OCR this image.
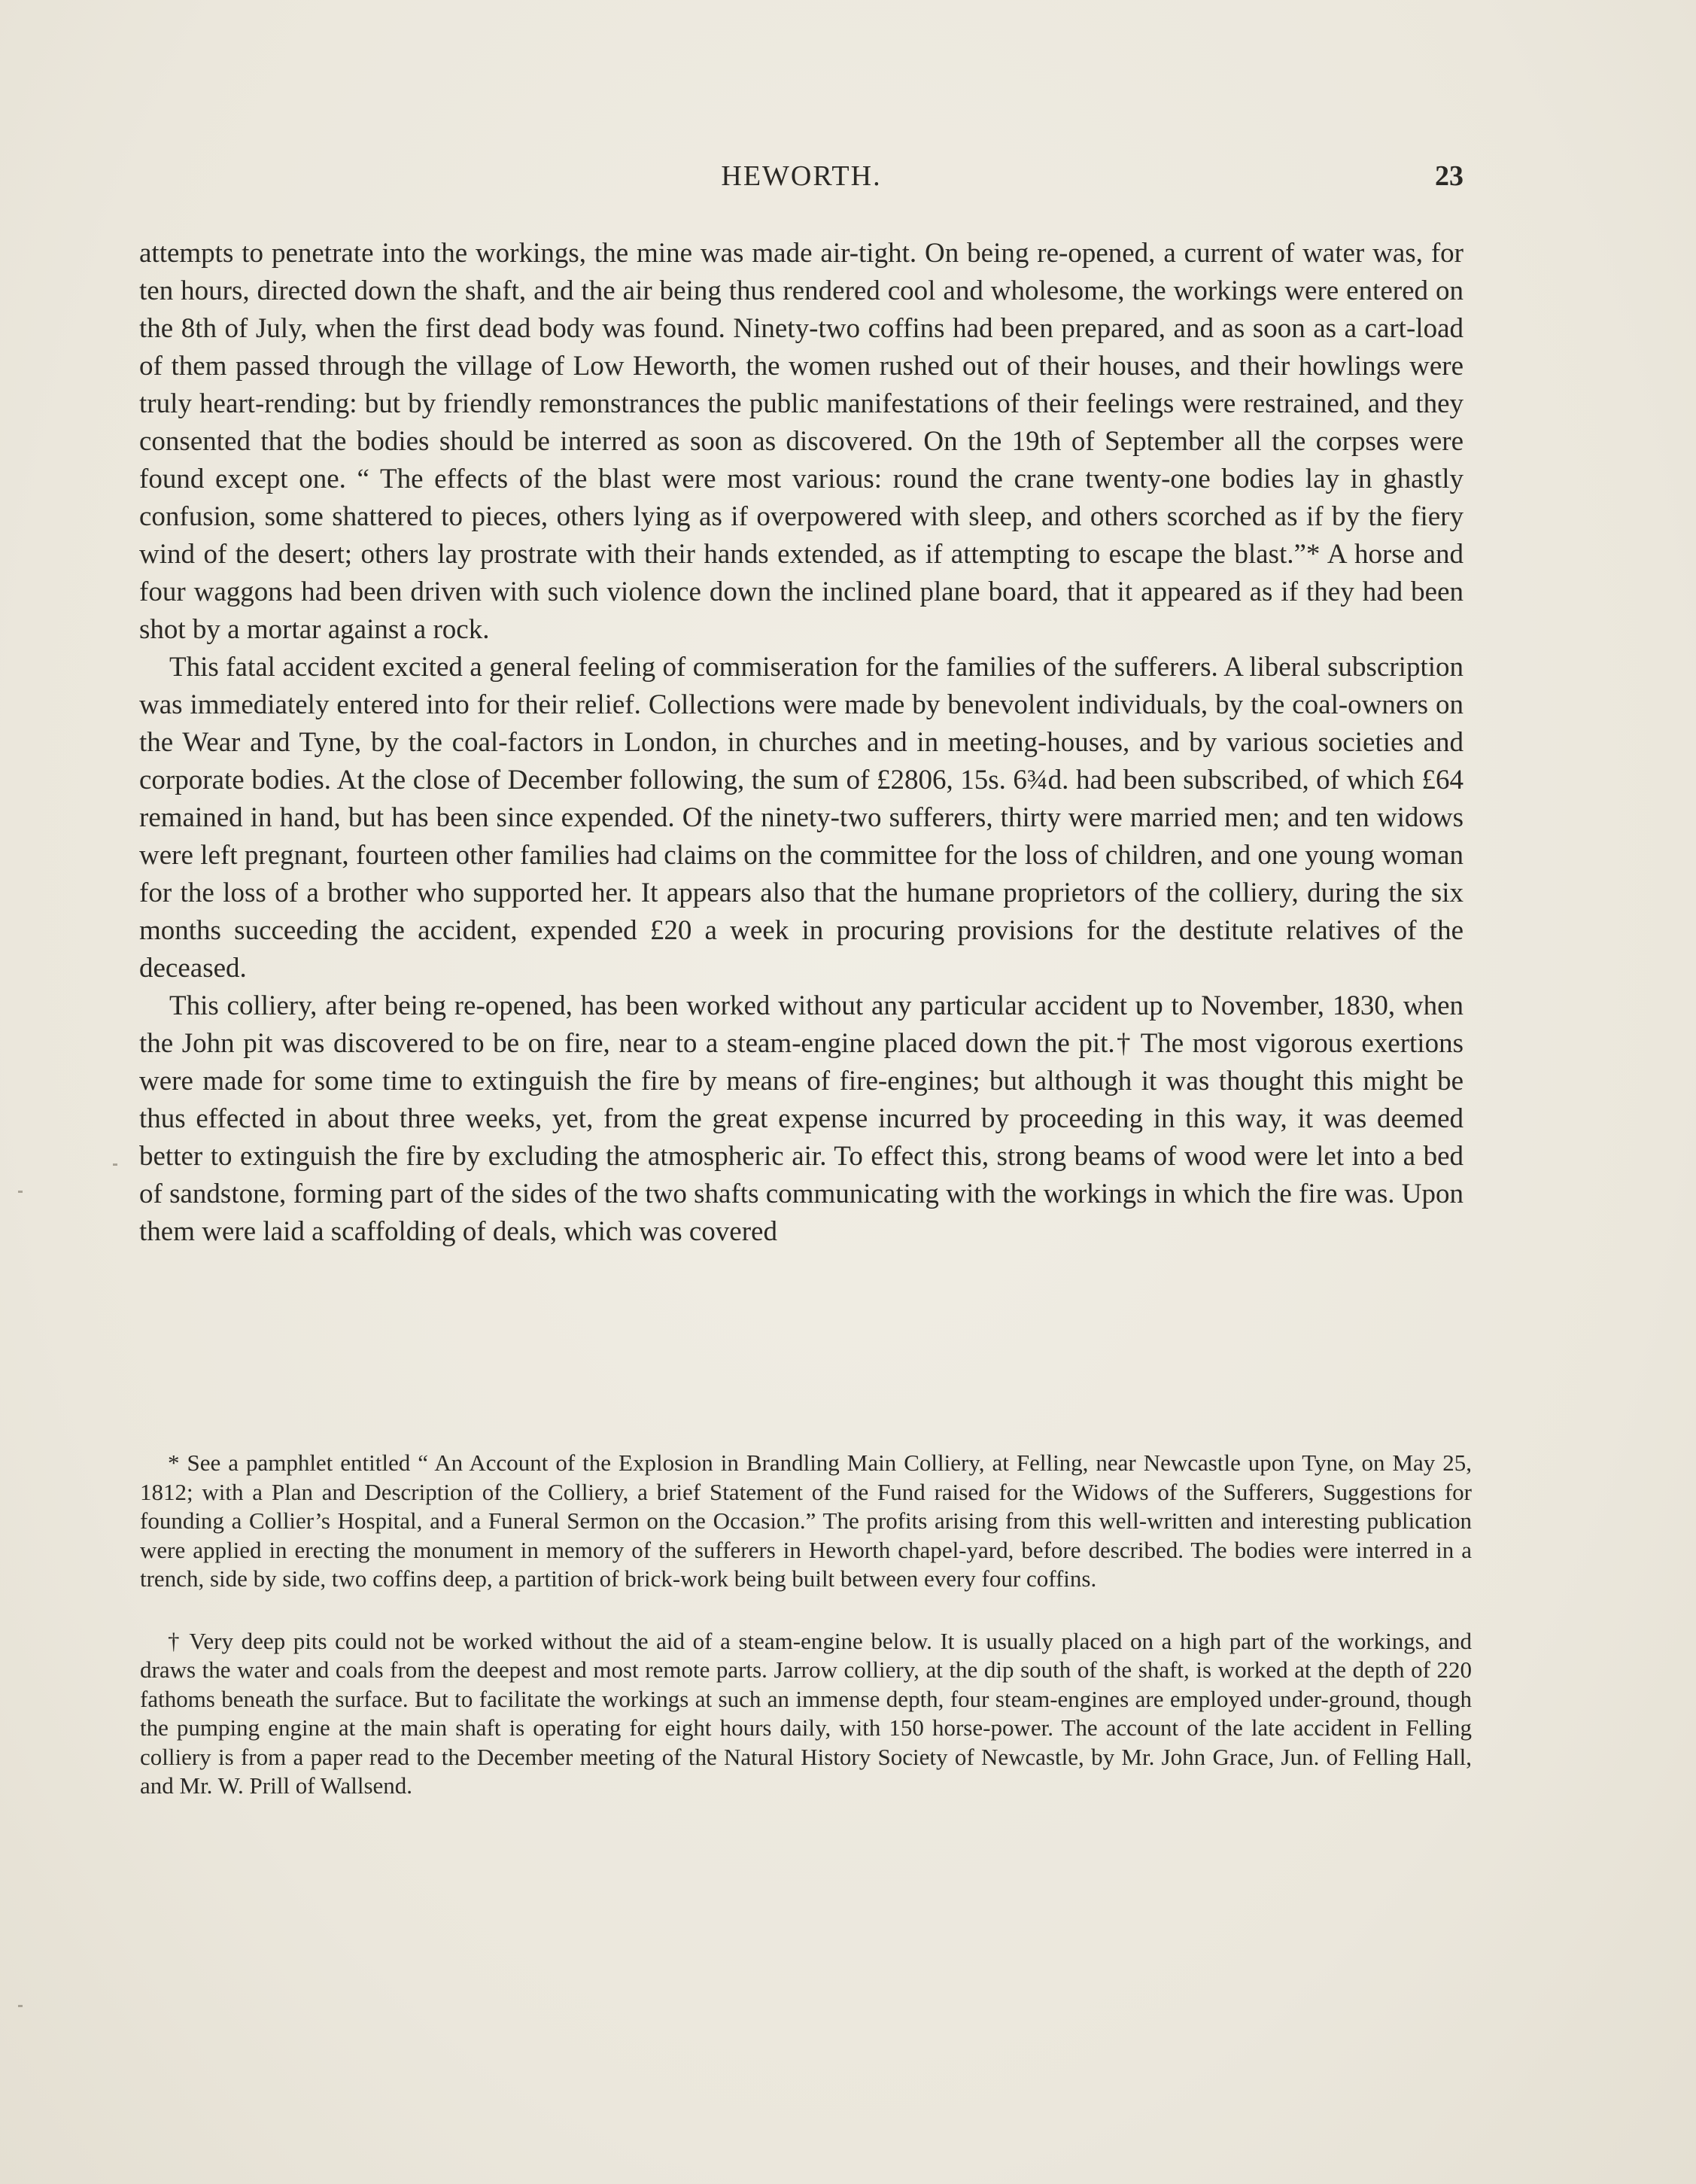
HEWORTH.	23

attempts to penetrate into the workings, the mine was made air-tight. On being re-opened, a current of water was, for ten hours, directed down the shaft, and the air being thus rendered cool and wholesome, the workings were entered on the 8th of July, when the first dead body was found. Ninety-two coffins had been prepared, and as soon as a cart-load of them passed through the village of Low Heworth, the women rushed out of their houses, and their howlings were truly heart-rending: but by friendly remonstrances the public manifestations of their feelings were restrained, and they consented that the bodies should be interred as soon as discovered. On the 19th of September all the corpses were found except one. “ The effects of the blast were most various: round the crane twenty-one bodies lay in ghastly confusion, some shattered to pieces, others lying as if overpowered with sleep, and others scorched as if by the fiery wind of the desert; others lay prostrate with their hands extended, as if attempting to escape the blast.”* A horse and four waggons had been driven with such violence down the inclined plane board, that it appeared as if they had been shot by a mortar against a rock.

This fatal accident excited a general feeling of commiseration for the families of the sufferers. A liberal subscription was immediately entered into for their relief. Collections were made by benevolent individuals, by the coal-owners on the Wear and Tyne, by the coal-factors in London, in churches and in meeting-houses, and by various societies and corporate bodies. At the close of December following, the sum of £2806, 15s. 6¾d. had been subscribed, of which £64 remained in hand, but has been since expended. Of the ninety-two sufferers, thirty were married men; and ten widows were left pregnant, fourteen other families had claims on the committee for the loss of children, and one young woman for the loss of a brother who supported her. It appears also that the humane proprietors of the colliery, during the six months succeeding the accident, expended £20 a week in procuring provisions for the destitute relatives of the deceased.

This colliery, after being re-opened, has been worked without any particular accident up to November, 1830, when the John pit was discovered to be on fire, near to a steam-engine placed down the pit.† The most vigorous exertions were made for some time to extinguish the fire by means of fire-engines; but although it was thought this might be thus effected in about three weeks, yet, from the great expense incurred by proceeding in this way, it was deemed better to extinguish the fire by excluding the atmospheric air. To effect this, strong beams of wood were let into a bed of sandstone, forming part of the sides of the two shafts communicating with the workings in which the fire was. Upon them were laid a scaffolding of deals, which was covered

* See a pamphlet entitled “ An Account of the Explosion in Brandling Main Colliery, at Felling, near Newcastle upon Tyne, on May 25, 1812; with a Plan and Description of the Colliery, a brief Statement of the Fund raised for the Widows of the Sufferers, Suggestions for founding a Collier’s Hospital, and a Funeral Sermon on the Occasion.” The profits arising from this well-written and interesting publication were applied in erecting the monument in memory of the sufferers in Heworth chapel-yard, before described. The bodies were interred in a trench, side by side, two coffins deep, a partition of brick-work being built between every four coffins.

† Very deep pits could not be worked without the aid of a steam-engine below. It is usually placed on a high part of the workings, and draws the water and coals from the deepest and most remote parts. Jarrow colliery, at the dip south of the shaft, is worked at the depth of 220 fathoms beneath the surface. But to facilitate the workings at such an immense depth, four steam-engines are employed under-ground, though the pumping engine at the main shaft is operating for eight hours daily, with 150 horse-power. The account of the late accident in Felling colliery is from a paper read to the December meeting of the Natural History Society of Newcastle, by Mr. John Grace, Jun. of Felling Hall, and Mr. W. Prill of Wallsend.
